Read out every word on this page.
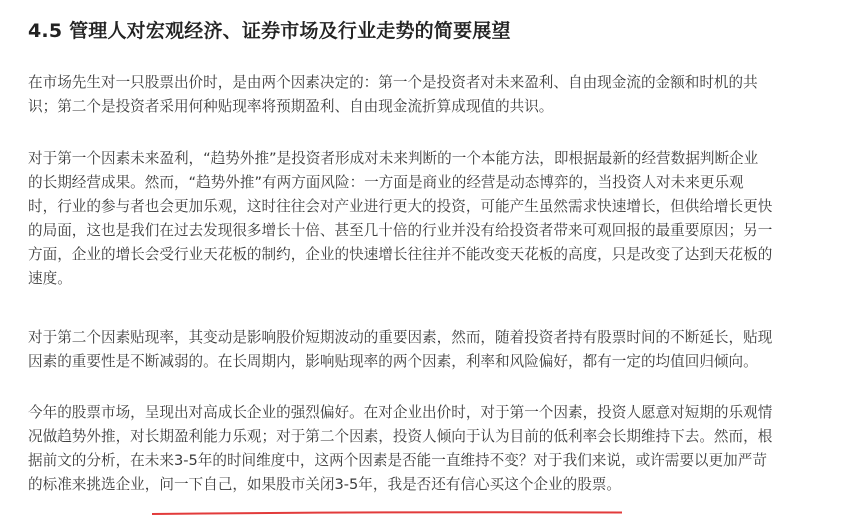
4.5 管理人对宏观经济、证券市场及行业走势的简要展望

在市场先生对一只股票出价时，是由两个因素决定的：第一个是投资者对未来盈利、自由现金流的金额和时机的共
识；第二个是投资者采用何种贴现率将预期盈利、自由现金流折算成现值的共识。

对于第一个因素未来盈利，“趋势外推”是投资者形成对未来判断的一个本能方法，即根据最新的经营数据判断企业
的长期经营成果。然而，“趋势外推”有两方面风险：一方面是商业的经营是动态博弈的，当投资人对未来更乐观
时，行业的参与者也会更加乐观，这时往往会对产业进行更大的投资，可能产生虽然需求快速增长，但供给增长更快
的局面，这也是我们在过去发现很多增长十倍、甚至几十倍的行业并没有给投资者带来可观回报的最重要原因；另一
方面，企业的增长会受行业天花板的制约，企业的快速增长往往并不能改变天花板的高度，只是改变了达到天花板的
速度。

对于第二个因素贴现率，其变动是影响股价短期波动的重要因素，然而，随着投资者持有股票时间的不断延长，贴现
因素的重要性是不断减弱的。在长周期内，影响贴现率的两个因素，利率和风险偏好，都有一定的均值回归倾向。

今年的股票市场，呈现出对高成长企业的强烈偏好。在对企业出价时，对于第一个因素，投资人愿意对短期的乐观情
况做趋势外推，对长期盈利能力乐观；对于第二个因素，投资人倾向于认为目前的低利率会长期维持下去。然而，根
据前文的分析，在未来3-5年的时间维度中，这两个因素是否能一直维持不变？对于我们来说，或许需要以更加严苛
的标准来挑选企业，问一下自己，如果股市关闭3-5年，我是否还有信心买这个企业的股票。
